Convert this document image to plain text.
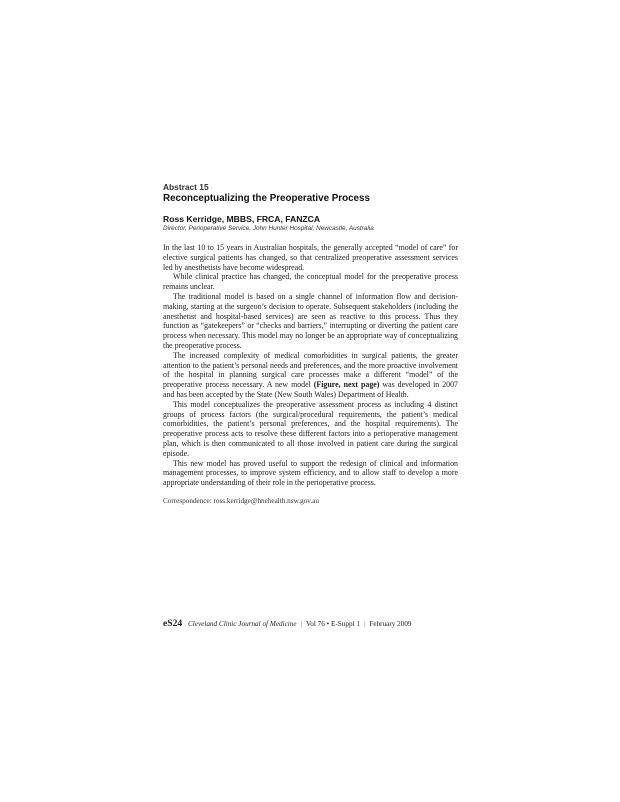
Abstract 15
Reconceptualizing the Preoperative Process
Ross Kerridge, MBBS, FRCA, FANZCA
Director, Perioperative Service, John Hunter Hospital, Newcastle, Australia

In the last 10 to 15 years in Australian hospitals, the generally accepted “model of care” for elective surgical patients has changed, so that centralized preoperative assessment services led by anesthetists have become widespread.

While clinical practice has changed, the conceptual model for the preoperative process remains unclear.

The traditional model is based on a single channel of information flow and decision-making, starting at the surgeon’s decision to operate. Subsequent stakeholders (including the anesthetist and hospital-based services) are seen as reactive to this process. Thus they function as “gatekeepers” or “checks and barriers,” interrupting or diverting the patient care process when necessary. This model may no longer be an appropriate way of conceptualizing the preoperative process.

The increased complexity of medical comorbidities in surgical patients, the greater attention to the patient’s personal needs and preferences, and the more proactive involvement of the hospital in planning surgical care processes make a different “model” of the preoperative process necessary. A new model (Figure, next page) was developed in 2007 and has been accepted by the State (New South Wales) Department of Health.

This model conceptualizes the preoperative assessment process as including 4 distinct groups of process factors (the surgical/procedural requirements, the patient’s medical comorbidities, the patient’s personal preferences, and the hospital requirements). The preoperative process acts to resolve these different factors into a perioperative management plan, which is then communicated to all those involved in patient care during the surgical episode.

This new model has proved useful to support the redesign of clinical and information management processes, to improve system efficiency, and to allow staff to develop a more appropriate understanding of their role in the perioperative process.

Correspondence: ross.kerridge@hnehealth.nsw.gov.au
eS24 Cleveland Clinic Journal of Medicine | Vol 76 • E-Suppl 1 | February 2009
